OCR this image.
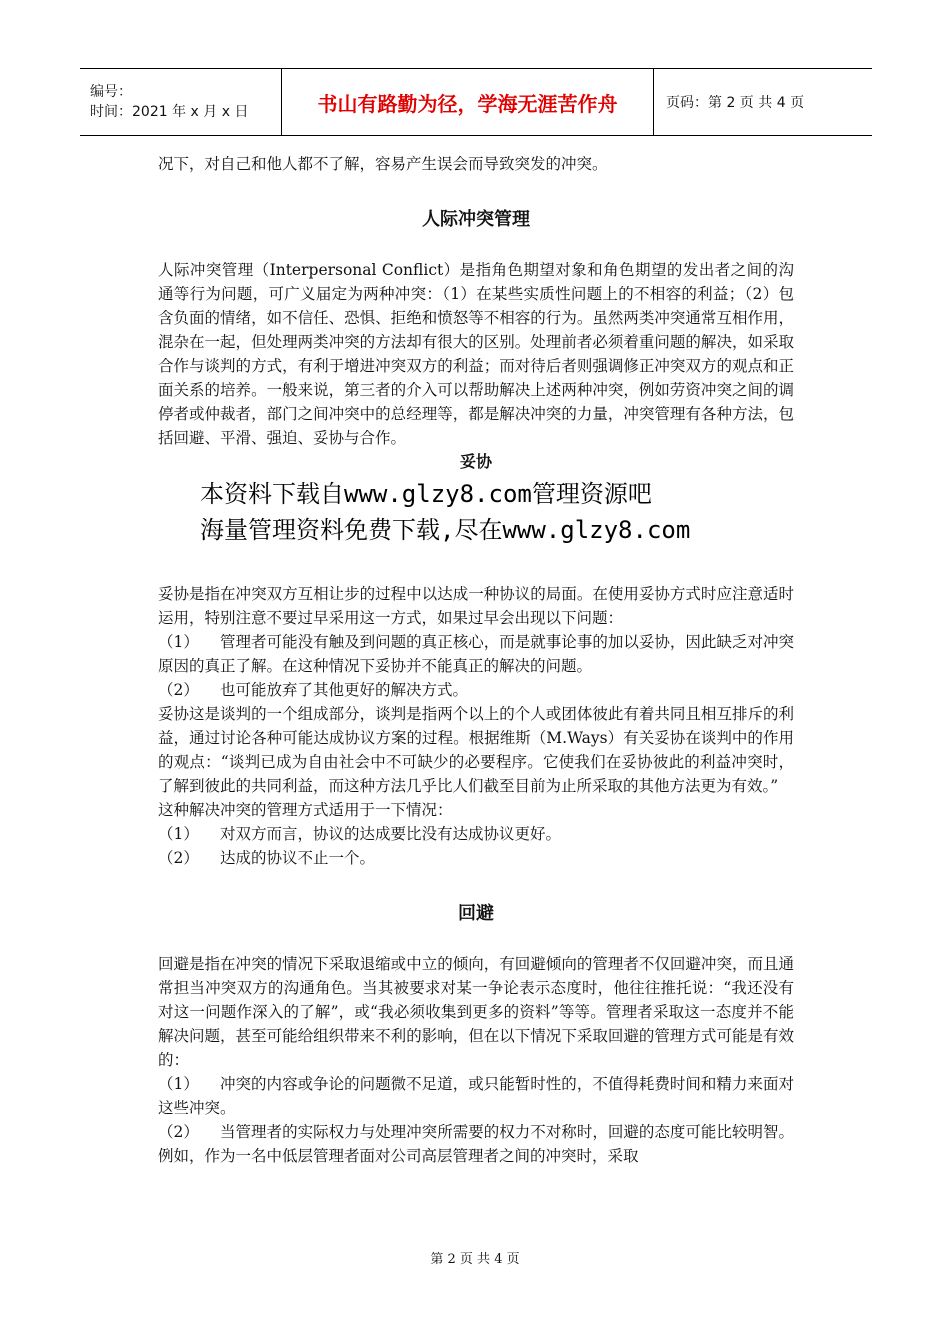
编号：
时间：2021 年 x 月 x 日	书山有路勤为径，学海无涯苦作舟	页码：第 2 页 共 4 页

况下，对自己和他人都不了解，容易产生误会而导致突发的冲突。

人际冲突管理

人际冲突管理（Interpersonal Conflict）是指角色期望对象和角色期望的发出者之间的沟通等行为问题，可广义届定为两种冲突：（1）在某些实质性问题上的不相容的利益；（2）包含负面的情绪，如不信任、恐惧、拒绝和愤怒等不相容的行为。虽然两类冲突通常互相作用，混杂在一起，但处理两类冲突的方法却有很大的区别。处理前者必须着重问题的解决，如采取合作与谈判的方式，有利于增进冲突双方的利益；而对待后者则强调修正冲突双方的观点和正面关系的培养。一般来说，第三者的介入可以帮助解决上述两种冲突，例如劳资冲突之间的调停者或仲裁者，部门之间冲突中的总经理等，都是解决冲突的力量，冲突管理有各种方法，包括回避、平滑、强迫、妥协与合作。

妥协
本资料下载自www.glzy8.com管理资源吧
海量管理资料免费下载,尽在www.glzy8.com

妥协是指在冲突双方互相让步的过程中以达成一种协议的局面。在使用妥协方式时应注意适时运用，特别注意不要过早采用这一方式，如果过早会出现以下问题：

（1） 管理者可能没有触及到问题的真正核心，而是就事论事的加以妥协，因此缺乏对冲突原因的真正了解。在这种情况下妥协并不能真正的解决的问题。

（2） 也可能放弃了其他更好的解决方式。

妥协这是谈判的一个组成部分，谈判是指两个以上的个人或团体彼此有着共同且相互排斥的利益，通过讨论各种可能达成协议方案的过程。根据维斯（M.Ways）有关妥协在谈判中的作用的观点：“谈判已成为自由社会中不可缺少的必要程序。它使我们在妥协彼此的利益冲突时，了解到彼此的共同利益，而这种方法几乎比人们截至目前为止所采取的其他方法更为有效。”

这种解决冲突的管理方式适用于一下情况：

（1） 对双方而言，协议的达成要比没有达成协议更好。

（2） 达成的协议不止一个。

回避

回避是指在冲突的情况下采取退缩或中立的倾向，有回避倾向的管理者不仅回避冲突，而且通常担当冲突双方的沟通角色。当其被要求对某一争论表示态度时，他往往推托说：“我还没有对这一问题作深入的了解”，或“我必须收集到更多的资料”等等。管理者采取这一态度并不能解决问题，甚至可能给组织带来不利的影响，但在以下情况下采取回避的管理方式可能是有效的：

（1） 冲突的内容或争论的问题微不足道，或只能暂时性的，不值得耗费时间和精力来面对这些冲突。

（2） 当管理者的实际权力与处理冲突所需要的权力不对称时，回避的态度可能比较明智。例如，作为一名中低层管理者面对公司高层管理者之间的冲突时，采取

第 2 页 共 4 页
